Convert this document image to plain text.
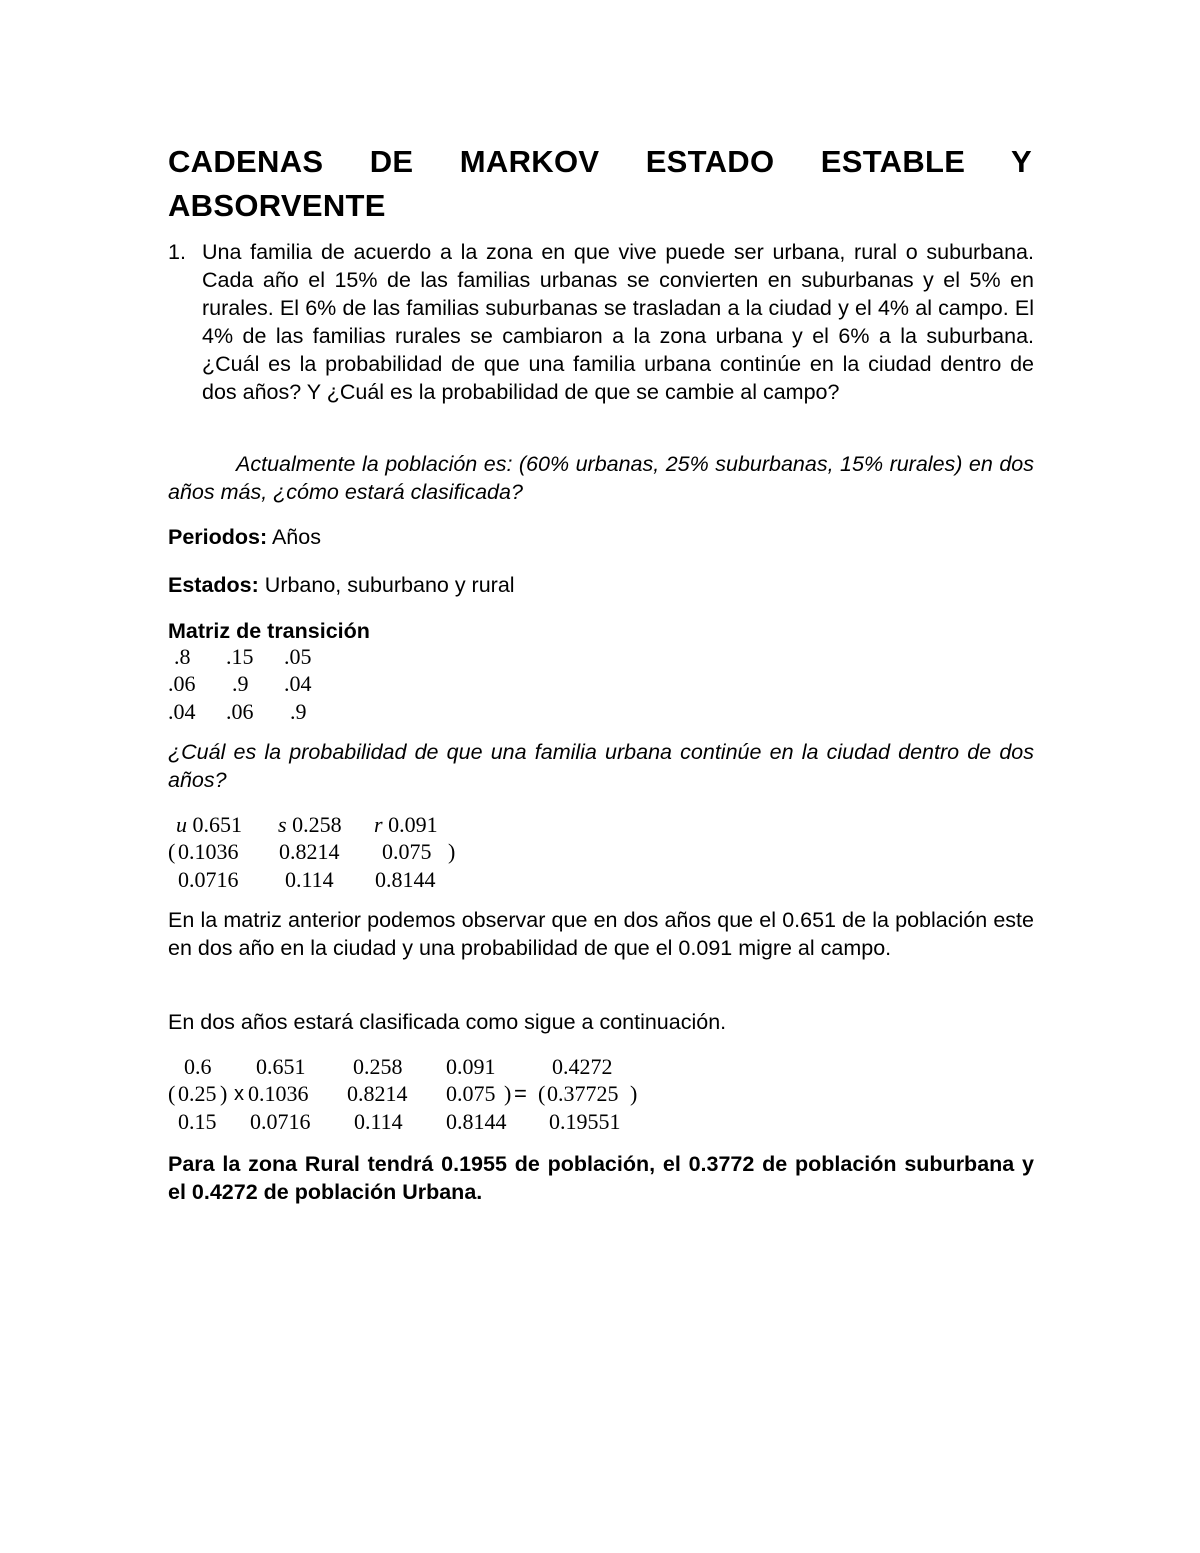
CADENAS DE MARKOV ESTADO ESTABLE Y ABSORVENTE
1. Una familia de acuerdo a la zona en que vive puede ser urbana, rural o suburbana. Cada año el 15% de las familias urbanas se convierten en suburbanas y el 5% en rurales. El 6% de las familias suburbanas se trasladan a la ciudad y el 4% al campo. El 4% de las familias rurales se cambiaron a la zona urbana y el 6% a la suburbana. ¿Cuál es la probabilidad de que una familia urbana continúe en la ciudad dentro de dos años? Y ¿Cuál es la probabilidad de que se cambie al campo?
Actualmente la población es: (60% urbanas, 25% suburbanas, 15% rurales) en dos años más, ¿cómo estará clasificada?
Periodos: Años
Estados: Urbano, suburbano y rural
Matriz de transición
.8 .15 .05
.06 .9 .04
.04 .06 .9
¿Cuál es la probabilidad de que una familia urbana continúe en la ciudad dentro de dos años?
u 0.651 s 0.258 r 0.091
( 0.1036 0.8214 0.075 )
0.0716 0.114 0.8144
En la matriz anterior podemos observar que en dos años que el 0.651 de la población este en dos año en la ciudad y una probabilidad de que el 0.091 migre al campo.
En dos años estará clasificada como sigue a continuación.
0.6 0.651 0.258 0.091	0.4272
( 0.25 ) x 0.1036 0.8214 0.075 ) = ( 0.37725 )
0.15 0.0716 0.114 0.8144 0.19551
Para la zona Rural tendrá 0.1955 de población, el 0.3772 de población suburbana y el 0.4272 de población Urbana.
